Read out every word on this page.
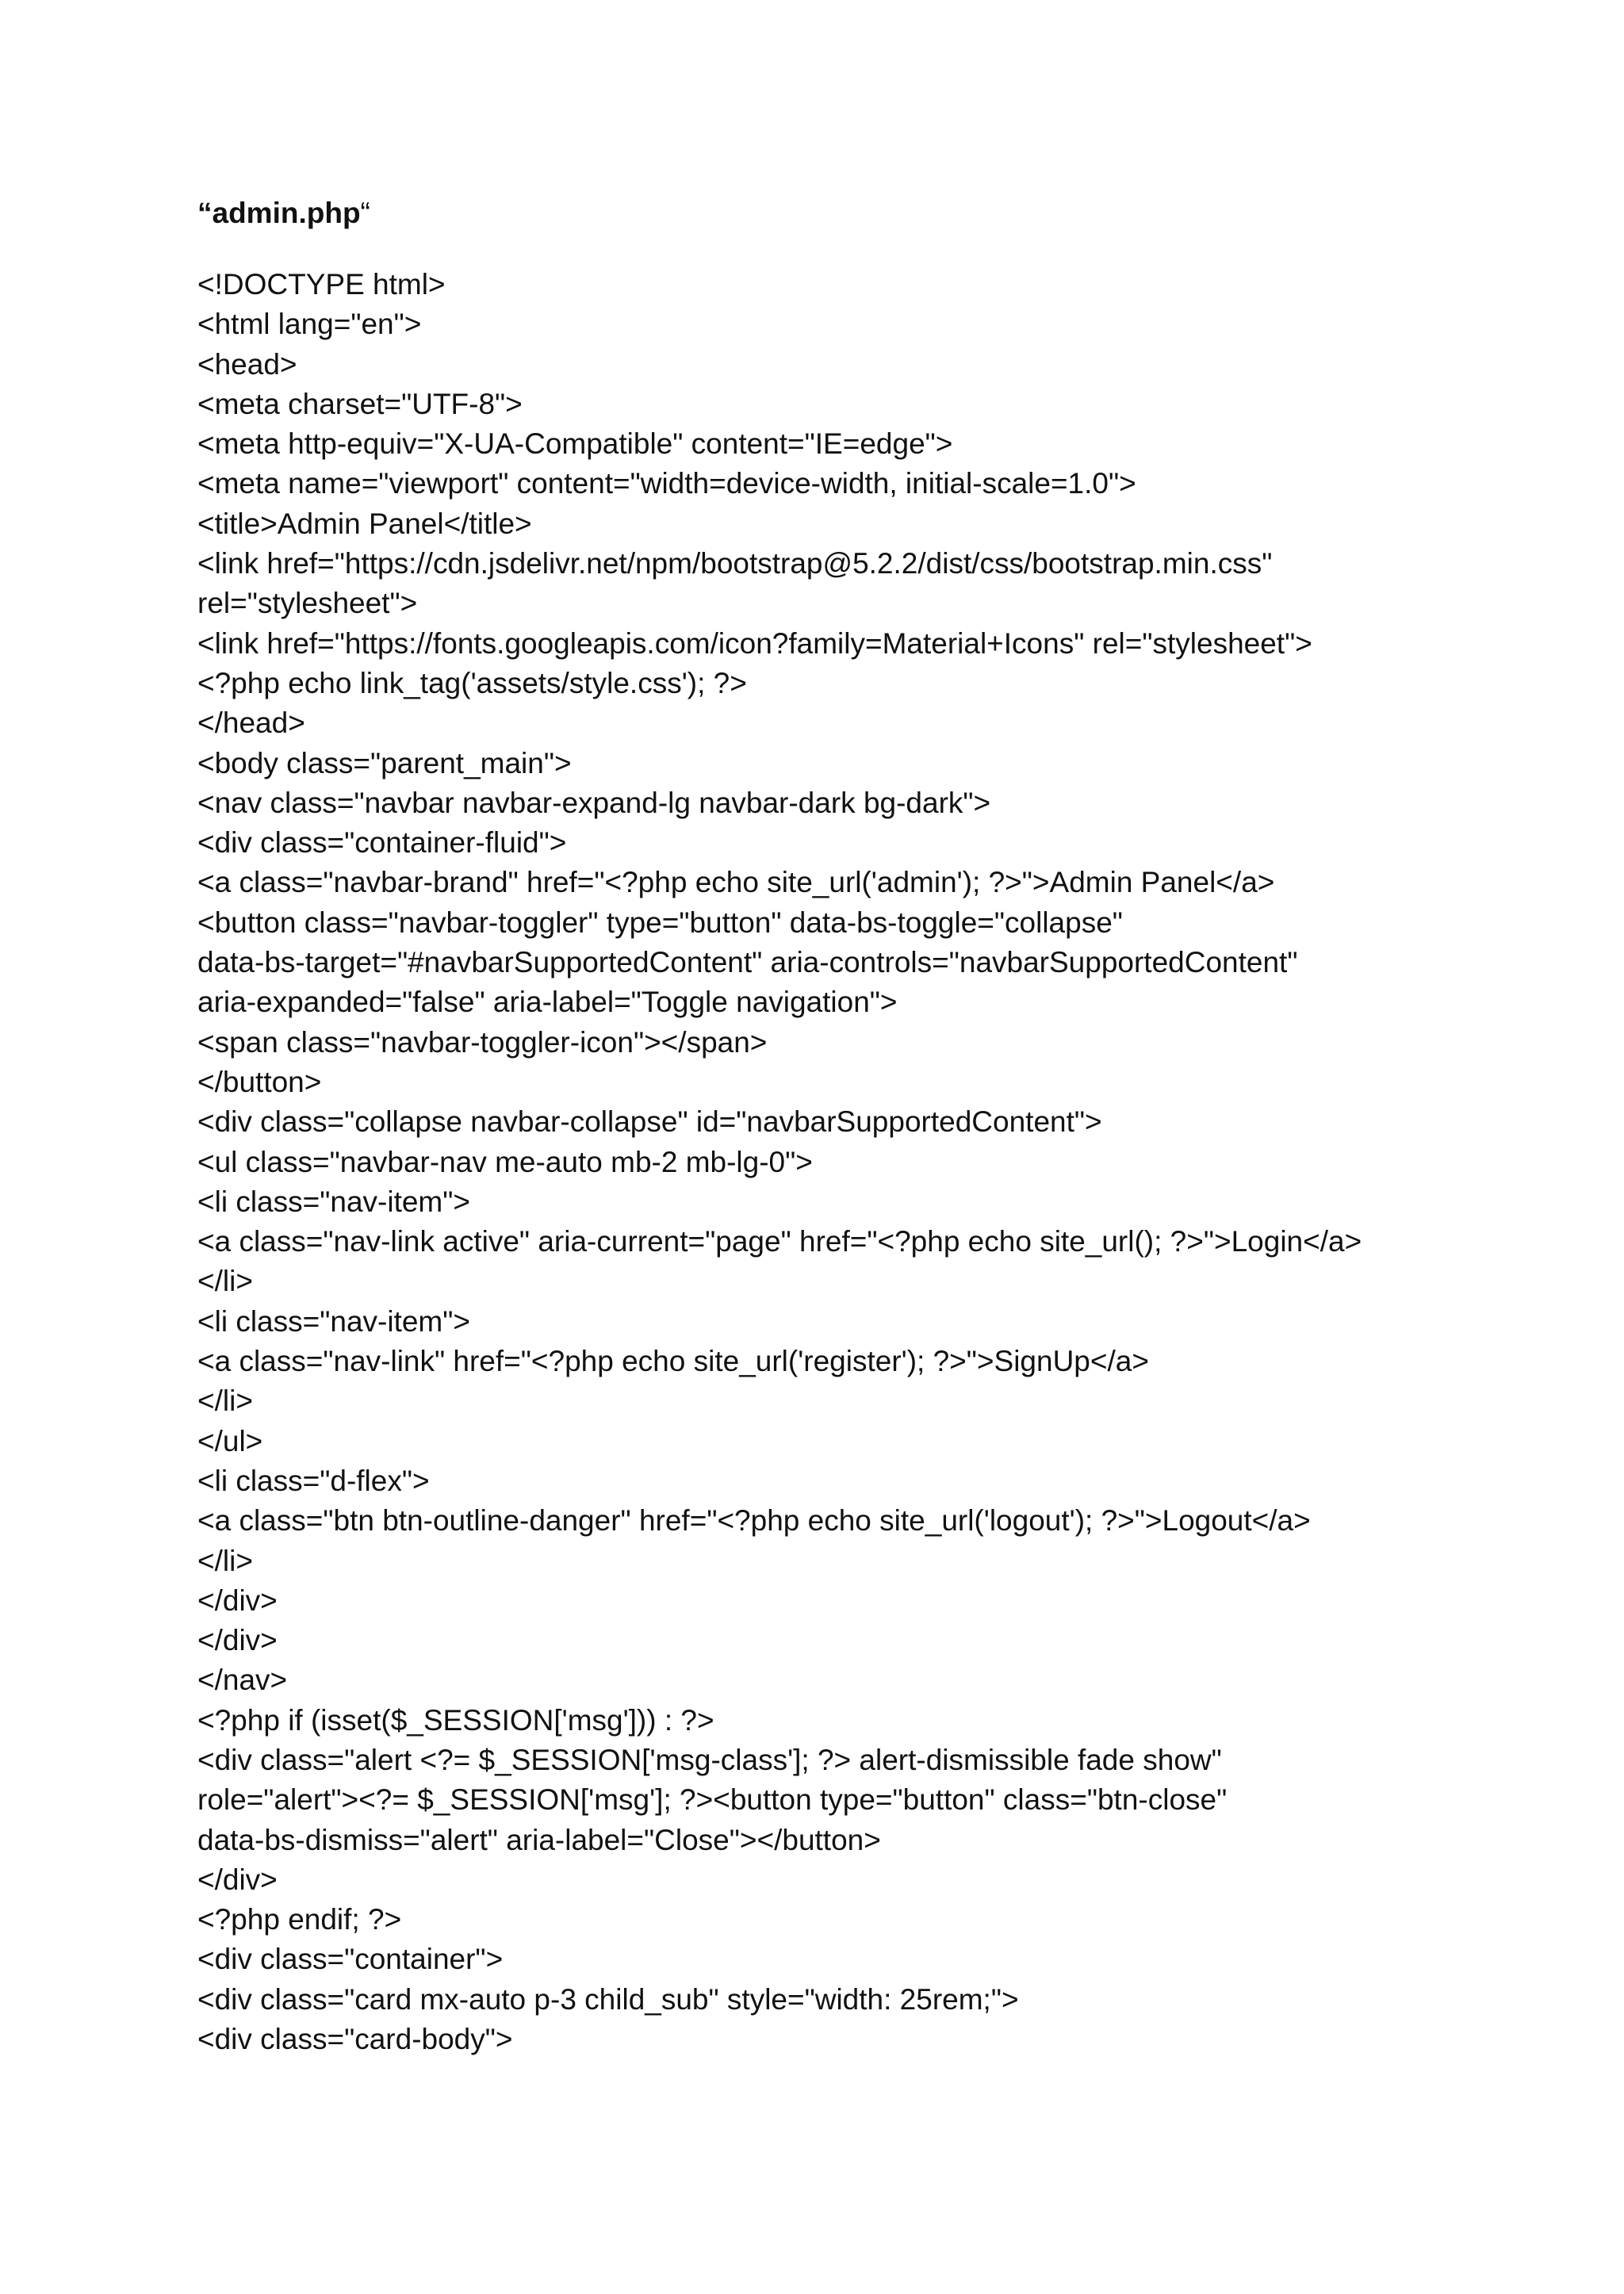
“admin.php“
<!DOCTYPE html>
<html lang="en">
<head>
<meta charset="UTF-8">
<meta http-equiv="X-UA-Compatible" content="IE=edge">
<meta name="viewport" content="width=device-width, initial-scale=1.0">
<title>Admin Panel</title>
<link href="https://cdn.jsdelivr.net/npm/bootstrap@5.2.2/dist/css/bootstrap.min.css"
rel="stylesheet">
<link href="https://fonts.googleapis.com/icon?family=Material+Icons" rel="stylesheet">
<?php echo link_tag('assets/style.css'); ?>
</head>
<body class="parent_main">
<nav class="navbar navbar-expand-lg navbar-dark bg-dark">
<div class="container-fluid">
<a class="navbar-brand" href="<?php echo site_url('admin'); ?>">Admin Panel</a>
<button class="navbar-toggler" type="button" data-bs-toggle="collapse"
data-bs-target="#navbarSupportedContent" aria-controls="navbarSupportedContent"
aria-expanded="false" aria-label="Toggle navigation">
<span class="navbar-toggler-icon"></span>
</button>
<div class="collapse navbar-collapse" id="navbarSupportedContent">
<ul class="navbar-nav me-auto mb-2 mb-lg-0">
<li class="nav-item">
<a class="nav-link active" aria-current="page" href="<?php echo site_url(); ?>">Login</a>
</li>
<li class="nav-item">
<a class="nav-link" href="<?php echo site_url('register'); ?>">SignUp</a>
</li>
</ul>
<li class="d-flex">
<a class="btn btn-outline-danger" href="<?php echo site_url('logout'); ?>">Logout</a>
</li>
</div>
</div>
</nav>
<?php if (isset($_SESSION['msg'])) : ?>
<div class="alert <?= $_SESSION['msg-class']; ?> alert-dismissible fade show"
role="alert"><?= $_SESSION['msg']; ?><button type="button" class="btn-close"
data-bs-dismiss="alert" aria-label="Close"></button>
</div>
<?php endif; ?>
<div class="container">
<div class="card mx-auto p-3 child_sub" style="width: 25rem;">
<div class="card-body">
